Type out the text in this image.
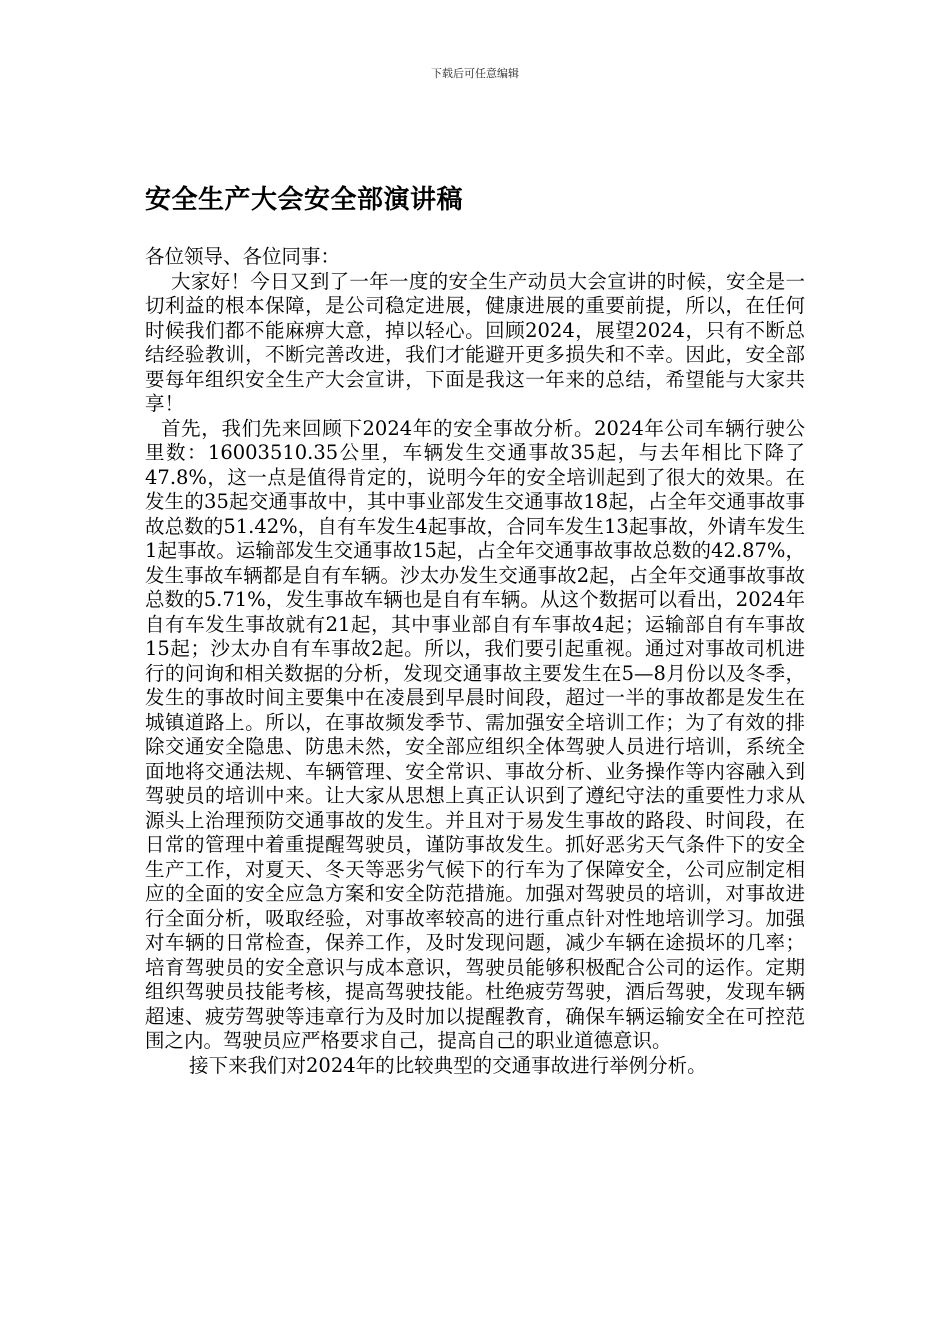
下载后可任意编辑
安全生产大会安全部演讲稿

各位领导、各位同事：

大家好！今日又到了一年一度的安全生产动员大会宣讲的时候，安全是一切利益的根本保障，是公司稳定进展，健康进展的重要前提，所以，在任何时候我们都不能麻痹大意，掉以轻心。回顾2024，展望2024，只有不断总结经验教训，不断完善改进，我们才能避开更多损失和不幸。因此，安全部要每年组织安全生产大会宣讲，下面是我这一年来的总结，希望能与大家共享！

首先，我们先来回顾下2024年的安全事故分析。2024年公司车辆行驶公里数：16003510.35公里，车辆发生交通事故35起，与去年相比下降了47.8%，这一点是值得肯定的，说明今年的安全培训起到了很大的效果。在发生的35起交通事故中，其中事业部发生交通事故18起，占全年交通事故事故总数的51.42%，自有车发生4起事故，合同车发生13起事故，外请车发生1起事故。运输部发生交通事故15起，占全年交通事故事故总数的42.87%，发生事故车辆都是自有车辆。沙太办发生交通事故2起，占全年交通事故事故总数的5.71%，发生事故车辆也是自有车辆。从这个数据可以看出，2024年自有车发生事故就有21起，其中事业部自有车事故4起；运输部自有车事故15起；沙太办自有车事故2起。所以，我们要引起重视。通过对事故司机进行的问询和相关数据的分析，发现交通事故主要发生在5—8月份以及冬季，发生的事故时间主要集中在凌晨到早晨时间段，超过一半的事故都是发生在城镇道路上。所以，在事故频发季节、需加强安全培训工作；为了有效的排除交通安全隐患、防患未然，安全部应组织全体驾驶人员进行培训，系统全面地将交通法规、车辆管理、安全常识、事故分析、业务操作等内容融入到驾驶员的培训中来。让大家从思想上真正认识到了遵纪守法的重要性力求从源头上治理预防交通事故的发生。并且对于易发生事故的路段、时间段，在日常的管理中着重提醒驾驶员，谨防事故发生。抓好恶劣天气条件下的安全生产工作，对夏天、冬天等恶劣气候下的行车为了保障安全，公司应制定相应的全面的安全应急方案和安全防范措施。加强对驾驶员的培训，对事故进行全面分析，吸取经验，对事故率较高的进行重点针对性地培训学习。加强对车辆的日常检查，保养工作，及时发现问题，减少车辆在途损坏的几率；培育驾驶员的安全意识与成本意识，驾驶员能够积极配合公司的运作。定期组织驾驶员技能考核，提高驾驶技能。杜绝疲劳驾驶，酒后驾驶，发现车辆超速、疲劳驾驶等违章行为及时加以提醒教育，确保车辆运输安全在可控范围之内。驾驶员应严格要求自己，提高自己的职业道德意识。

接下来我们对2024年的比较典型的交通事故进行举例分析。
